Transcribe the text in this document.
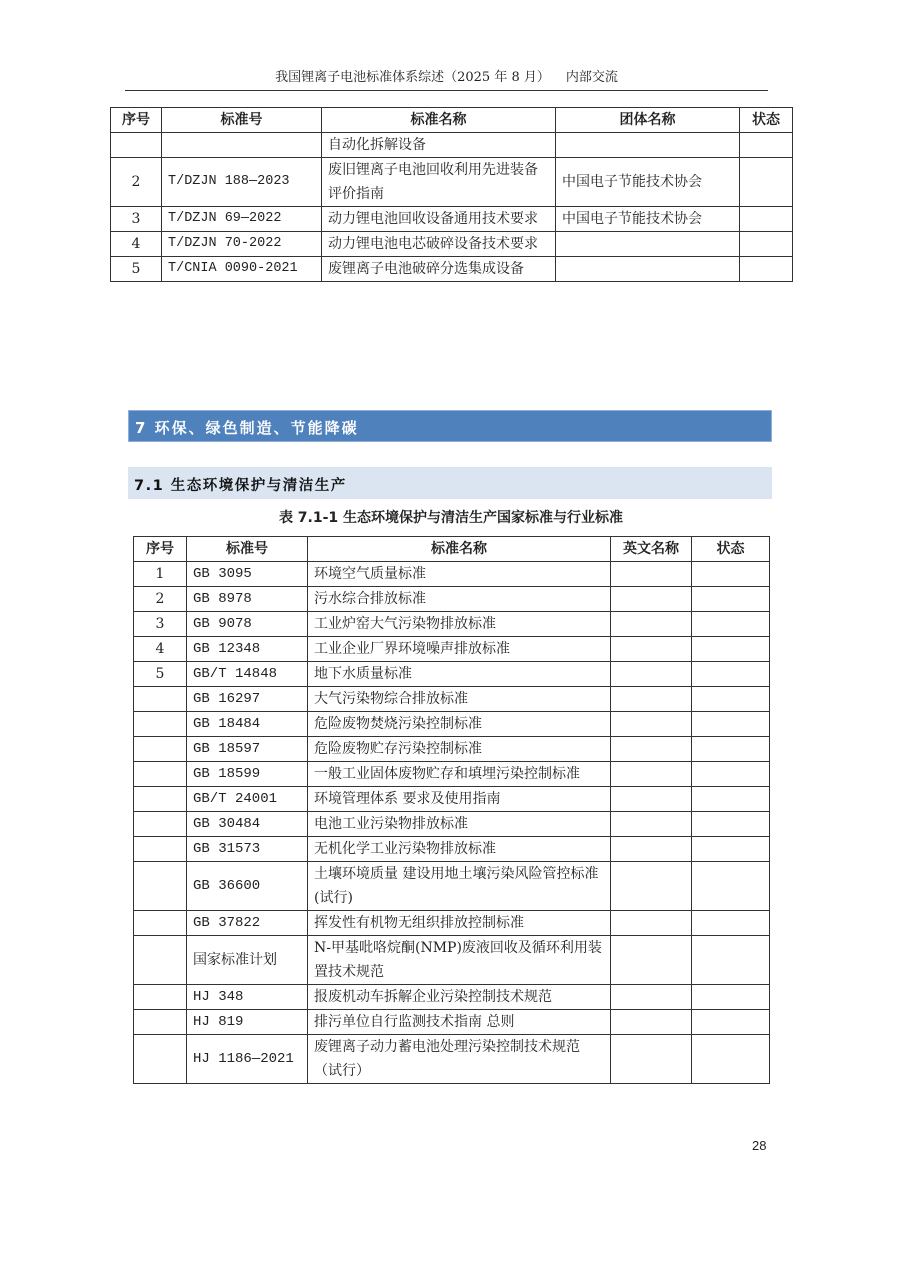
我国锂离子电池标准体系综述（2025 年 8 月） 内部交流
序号	标准号	标准名称	团体名称	状态
		自动化拆解设备		
2	T/DZJN 188—2023	废旧锂离子电池回收利用先进装备评价指南	中国电子节能技术协会	
3	T/DZJN 69—2022	动力锂电池回收设备通用技术要求	中国电子节能技术协会	
4	T/DZJN 70-2022	动力锂电池电芯破碎设备技术要求		
5	T/CNIA 0090-2021	废锂离子电池破碎分选集成设备		
7 环保、绿色制造、节能降碳
7.1 生态环境保护与清洁生产
表 7.1-1 生态环境保护与清洁生产国家标准与行业标准
序号	标准号	标准名称	英文名称	状态
1	GB 3095	环境空气质量标准		
2	GB 8978	污水综合排放标准		
3	GB 9078	工业炉窑大气污染物排放标准		
4	GB 12348	工业企业厂界环境噪声排放标准		
5	GB/T 14848	地下水质量标准		
	GB 16297	大气污染物综合排放标准		
	GB 18484	危险废物焚烧污染控制标准		
	GB 18597	危险废物贮存污染控制标准		
	GB 18599	一般工业固体废物贮存和填埋污染控制标准		
	GB/T 24001	环境管理体系 要求及使用指南		
	GB 30484	电池工业污染物排放标准		
	GB 31573	无机化学工业污染物排放标准		
	GB 36600	土壤环境质量 建设用地土壤污染风险管控标准(试行)		
	GB 37822	挥发性有机物无组织排放控制标准		
	国家标准计划	N-甲基吡咯烷酮(NMP)废液回收及循环利用装置技术规范		
	HJ 348	报废机动车拆解企业污染控制技术规范		
	HJ 819	排污单位自行监测技术指南 总则		
	HJ 1186—2021	废锂离子动力蓄电池处理污染控制技术规范（试行）		
28
